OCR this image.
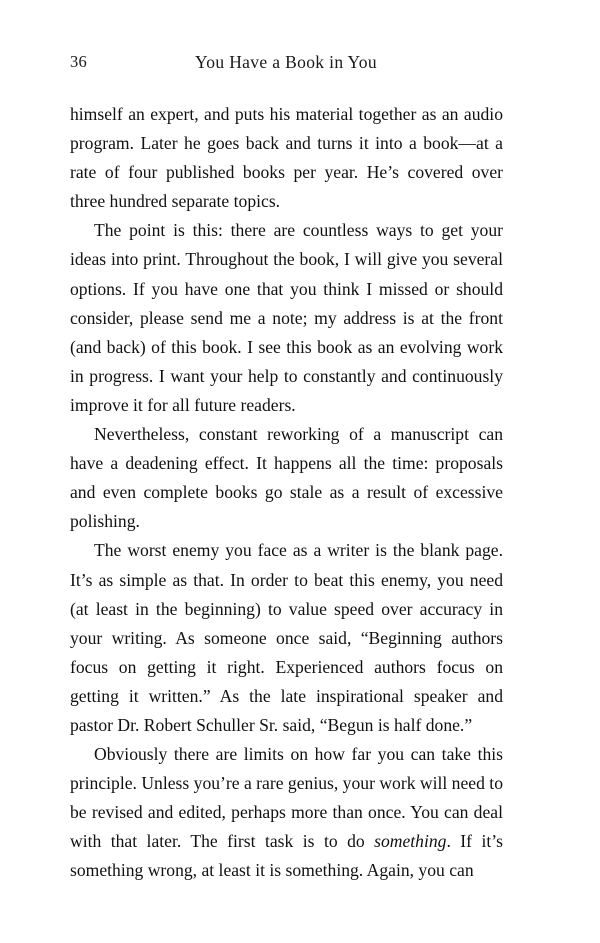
36	You Have a Book in You

himself an expert, and puts his material together as an audio program. Later he goes back and turns it into a book—at a rate of four published books per year. He’s covered over three hundred separate topics.

The point is this: there are countless ways to get your ideas into print. Throughout the book, I will give you several options. If you have one that you think I missed or should consider, please send me a note; my address is at the front (and back) of this book. I see this book as an evolving work in progress. I want your help to constantly and continuously improve it for all future readers.

Nevertheless, constant reworking of a manuscript can have a deadening effect. It happens all the time: proposals and even complete books go stale as a result of excessive polishing.

The worst enemy you face as a writer is the blank page. It’s as simple as that. In order to beat this enemy, you need (at least in the beginning) to value speed over accuracy in your writing. As someone once said, “Beginning authors focus on getting it right. Experienced authors focus on getting it written.” As the late inspirational speaker and pastor Dr. Robert Schuller Sr. said, “Begun is half done.”

Obviously there are limits on how far you can take this principle. Unless you’re a rare genius, your work will need to be revised and edited, perhaps more than once. You can deal with that later. The first task is to do something. If it’s something wrong, at least it is something. Again, you can
